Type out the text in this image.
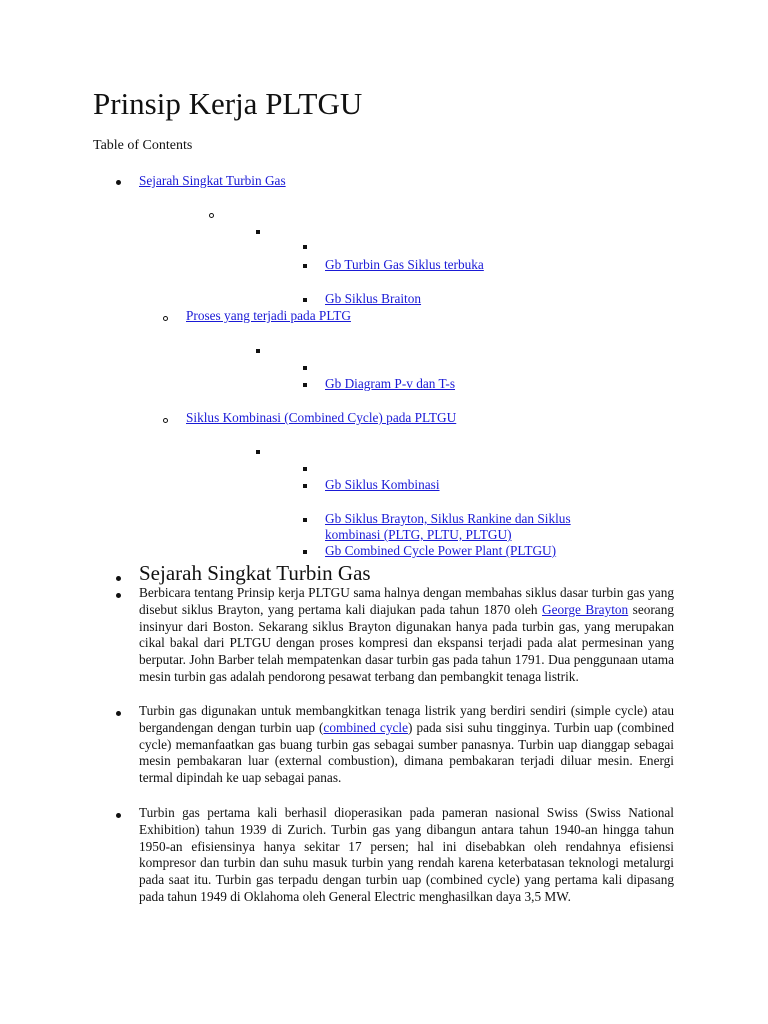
Prinsip Kerja PLTGU
Table of Contents
Sejarah Singkat Turbin Gas
Gb Turbin Gas Siklus terbuka
Gb Siklus Braiton
Proses yang terjadi pada PLTG
Gb Diagram P-v dan T-s
Siklus Kombinasi (Combined Cycle) pada PLTGU
Gb Siklus Kombinasi
Gb Siklus Brayton, Siklus Rankine dan Siklus
kombinasi (PLTG, PLTU, PLTGU)
Gb Combined Cycle Power Plant (PLTGU)
Sejarah Singkat Turbin Gas
Berbicara tentang Prinsip kerja PLTGU sama halnya dengan membahas siklus dasar turbin gas yang disebut siklus Brayton, yang pertama kali diajukan pada tahun 1870 oleh George Brayton seorang insinyur dari Boston. Sekarang siklus Brayton digunakan hanya pada turbin gas, yang merupakan cikal bakal dari PLTGU dengan proses kompresi dan ekspansi terjadi pada alat permesinan yang berputar. John Barber telah mempatenkan dasar turbin gas pada tahun 1791. Dua penggunaan utama mesin turbin gas adalah pendorong pesawat terbang dan pembangkit tenaga listrik.
Turbin gas digunakan untuk membangkitkan tenaga listrik yang berdiri sendiri (simple cycle) atau bergandengan dengan turbin uap (combined cycle) pada sisi suhu tingginya. Turbin uap (combined cycle) memanfaatkan gas buang turbin gas sebagai sumber panasnya. Turbin uap dianggap sebagai mesin pembakaran luar (external combustion), dimana pembakaran terjadi diluar mesin. Energi termal dipindah ke uap sebagai panas.
Turbin gas pertama kali berhasil dioperasikan pada pameran nasional Swiss (Swiss National Exhibition) tahun 1939 di Zurich. Turbin gas yang dibangun antara tahun 1940-an hingga tahun 1950-an efisiensinya hanya sekitar 17 persen; hal ini disebabkan oleh rendahnya efisiensi kompresor dan turbin dan suhu masuk turbin yang rendah karena keterbatasan teknologi metalurgi pada saat itu. Turbin gas terpadu dengan turbin uap (combined cycle) yang pertama kali dipasang pada tahun 1949 di Oklahoma oleh General Electric menghasilkan daya 3,5 MW.
